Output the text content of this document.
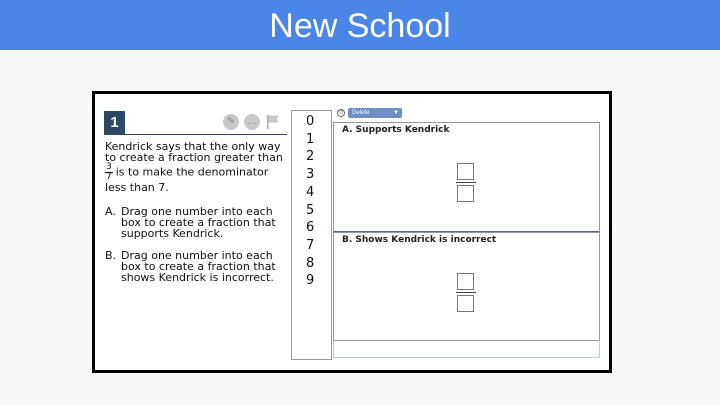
New School
1	✎	…
Kendrick says that the only way
to create a fraction greater than
$\frac{3}{7}$ is to make the denominator
less than 7.
A. Drag one number into each box to create a fraction that supports Kendrick.
B. Drag one number into each box to create a fraction that shows Kendrick is incorrect.
0
1
2
3
4
5
6
7
8
9
↺	Delete	▼
A. Supports Kendrick
B. Shows Kendrick is incorrect
